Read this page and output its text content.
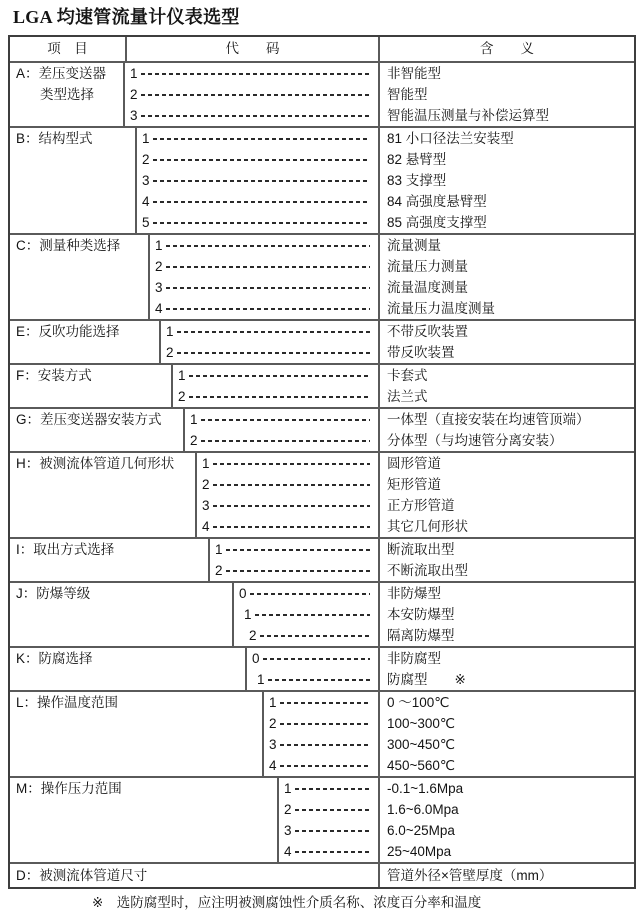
LGA 均速管流量计仪表选型
项　目	代　　码	含　　义
A：差压变送器
类型选择
1	非智能型
2	智能型
3	智能温压测量与补偿运算型
B：结构型式	1	81 小口径法兰安装型
2	82 悬臂型
3	83 支撑型
4	84 高强度悬臂型
5	85 高强度支撑型
C：测量种类选择	1	流量测量
2	流量压力测量
3	流量温度测量
4	流量压力温度测量
E：反吹功能选择	1	不带反吹装置
2	带反吹装置
F：安装方式	1	卡套式
2	法兰式
G：差压变送器安装方式	1	一体型（直接安装在均速管顶端）
2	分体型（与均速管分离安装）
H：被测流体管道几何形状	1	圆形管道
2	矩形管道
3	正方形管道
4	其它几何形状
I：取出方式选择	1	断流取出型
2	不断流取出型
J：防爆等级	0	非防爆型
1	本安防爆型
2	隔离防爆型
K：防腐选择	0	非防腐型
1	防腐型　　※
L：操作温度范围	1	0 ～100℃
2	100~300℃
3	300~450℃
4	450~560℃
M：操作压力范围	1	-0.1~1.6Mpa
2	1.6~6.0Mpa
3	6.0~25Mpa
4	25~40Mpa
D：被测流体管道尺寸	管道外径×管壁厚度（mm）
※　选防腐型时，应注明被测腐蚀性介质名称、浓度百分率和温度
